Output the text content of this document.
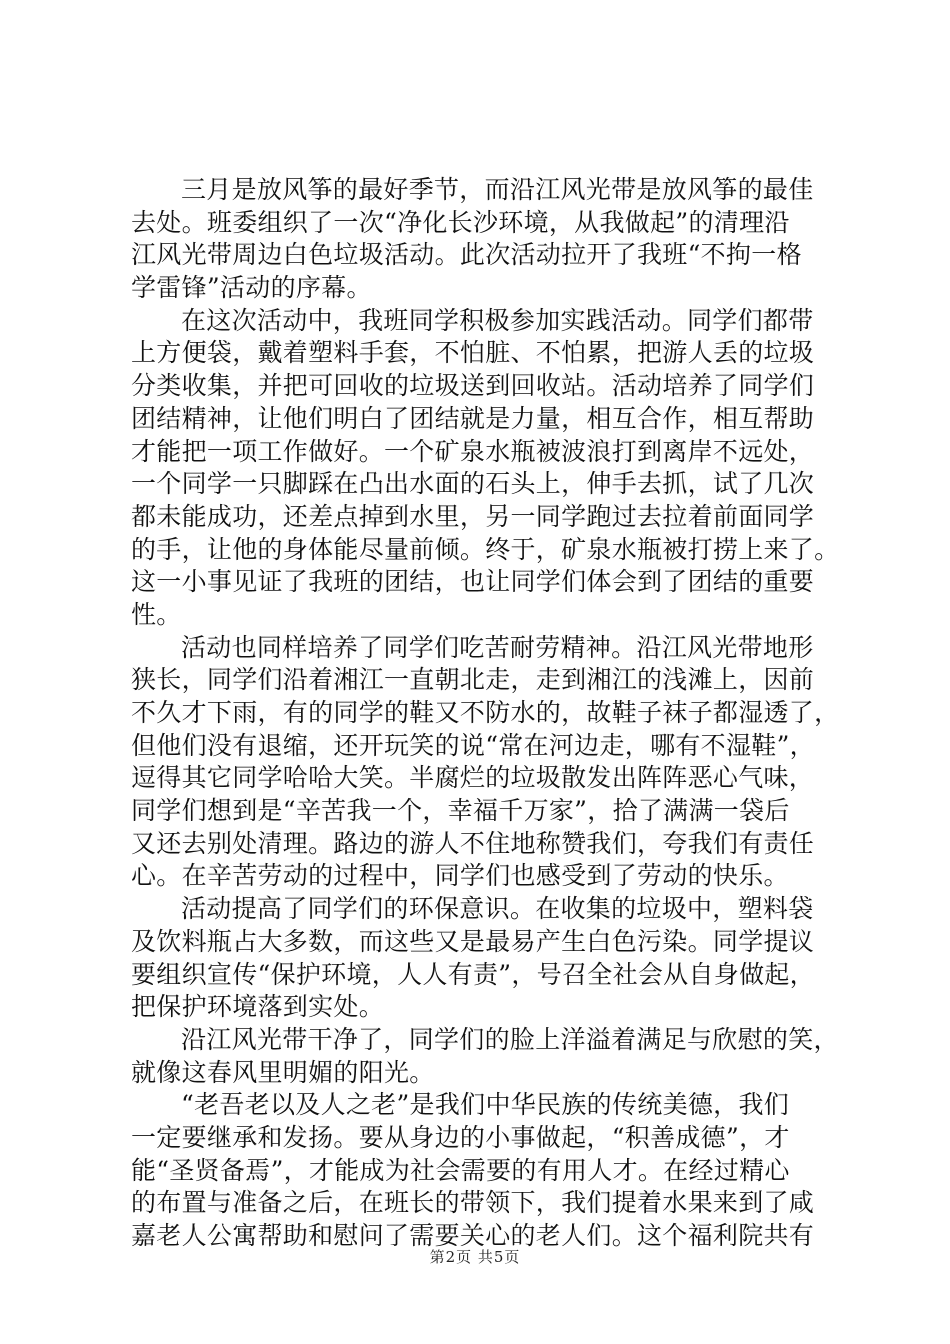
三月是放风筝的最好季节，而沿江风光带是放风筝的最佳
去处。班委组织了一次“净化长沙环境，从我做起”的清理沿
江风光带周边白色垃圾活动。此次活动拉开了我班“不拘一格
学雷锋”活动的序幕。
在这次活动中，我班同学积极参加实践活动。同学们都带
上方便袋，戴着塑料手套，不怕脏、不怕累，把游人丢的垃圾
分类收集，并把可回收的垃圾送到回收站。活动培养了同学们
团结精神，让他们明白了团结就是力量，相互合作，相互帮助
才能把一项工作做好。一个矿泉水瓶被波浪打到离岸不远处，
一个同学一只脚踩在凸出水面的石头上，伸手去抓，试了几次
都未能成功，还差点掉到水里，另一同学跑过去拉着前面同学
的手，让他的身体能尽量前倾。终于，矿泉水瓶被打捞上来了。
这一小事见证了我班的团结，也让同学们体会到了团结的重要
性。
活动也同样培养了同学们吃苦耐劳精神。沿江风光带地形
狭长，同学们沿着湘江一直朝北走，走到湘江的浅滩上，因前
不久才下雨，有的同学的鞋又不防水的，故鞋子袜子都湿透了，
但他们没有退缩，还开玩笑的说“常在河边走，哪有不湿鞋”，
逗得其它同学哈哈大笑。半腐烂的垃圾散发出阵阵恶心气味，
同学们想到是“辛苦我一个，幸福千万家”，拾了满满一袋后
又还去别处清理。路边的游人不住地称赞我们，夸我们有责任
心。在辛苦劳动的过程中，同学们也感受到了劳动的快乐。
活动提高了同学们的环保意识。在收集的垃圾中，塑料袋
及饮料瓶占大多数，而这些又是最易产生白色污染。同学提议
要组织宣传“保护环境，人人有责”，号召全社会从自身做起，
把保护环境落到实处。
沿江风光带干净了，同学们的脸上洋溢着满足与欣慰的笑，
就像这春风里明媚的阳光。
“老吾老以及人之老”是我们中华民族的传统美德，我们
一定要继承和发扬。要从身边的小事做起，“积善成德”，才
能“圣贤备焉”，才能成为社会需要的有用人才。在经过精心
的布置与准备之后，在班长的带领下，我们提着水果来到了咸
嘉老人公寓帮助和慰问了需要关心的老人们。这个福利院共有
第2页 共5页
